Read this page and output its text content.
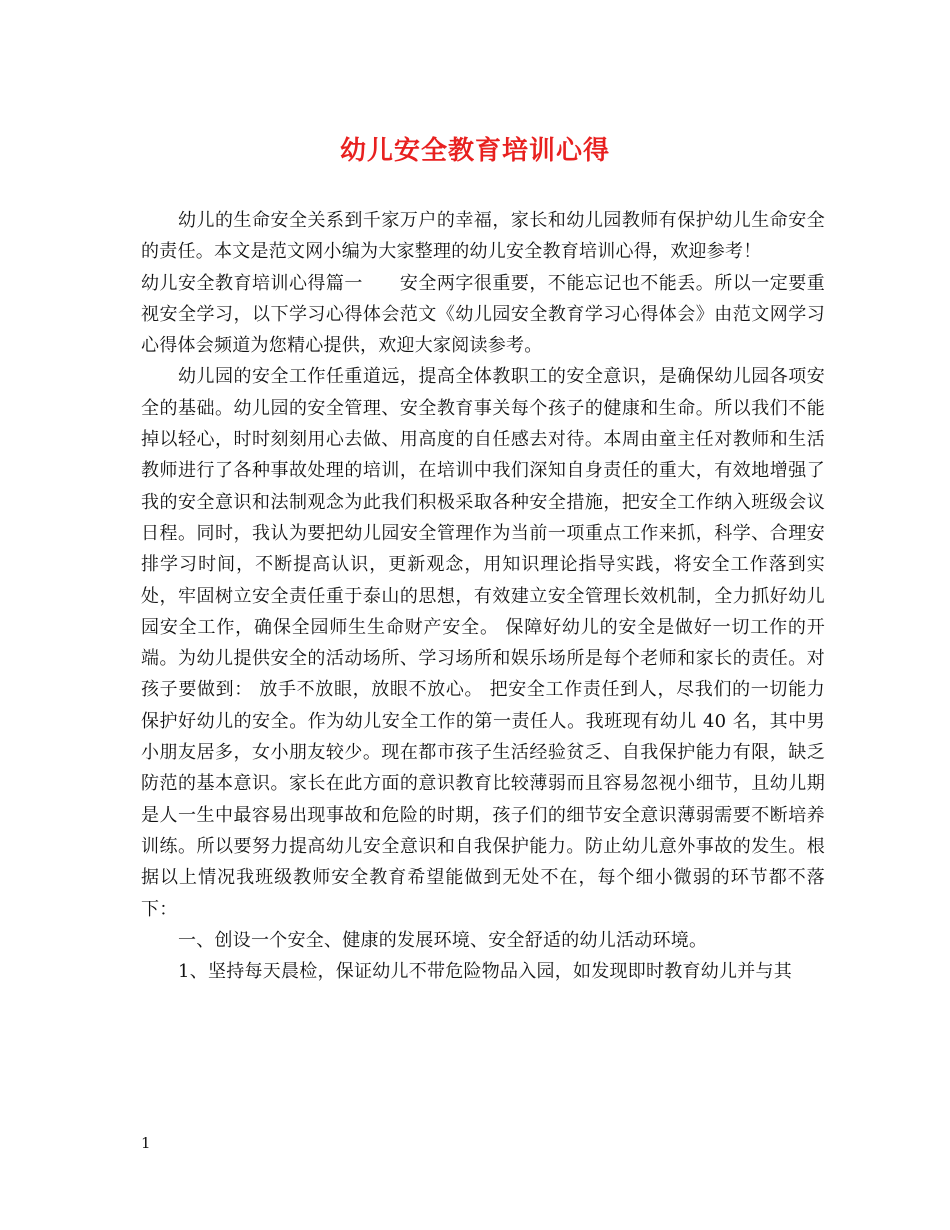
幼儿安全教育培训心得

幼儿的生命安全关系到千家万户的幸福，家长和幼儿园教师有保护幼儿生命安全的责任。本文是范文网小编为大家整理的幼儿安全教育培训心得，欢迎参考！

幼儿安全教育培训心得篇一　　安全两字很重要，不能忘记也不能丢。所以一定要重视安全学习，以下学习心得体会范文《幼儿园安全教育学习心得体会》由范文网学习心得体会频道为您精心提供，欢迎大家阅读参考。

幼儿园的安全工作任重道远，提高全体教职工的安全意识，是确保幼儿园各项安全的基础。幼儿园的安全管理、安全教育事关每个孩子的健康和生命。所以我们不能掉以轻心，时时刻刻用心去做、用高度的自任感去对待。本周由童主任对教师和生活教师进行了各种事故处理的培训，在培训中我们深知自身责任的重大，有效地增强了我的安全意识和法制观念为此我们积极采取各种安全措施，把安全工作纳入班级会议日程。同时，我认为要把幼儿园安全管理作为当前一项重点工作来抓，科学、合理安排学习时间，不断提高认识，更新观念，用知识理论指导实践，将安全工作落到实处，牢固树立安全责任重于泰山的思想，有效建立安全管理长效机制，全力抓好幼儿园安全工作，确保全园师生生命财产安全。 保障好幼儿的安全是做好一切工作的开端。为幼儿提供安全的活动场所、学习场所和娱乐场所是每个老师和家长的责任。对孩子要做到： 放手不放眼，放眼不放心。 把安全工作责任到人，尽我们的一切能力保护好幼儿的安全。作为幼儿安全工作的第一责任人。我班现有幼儿 40 名，其中男小朋友居多，女小朋友较少。现在都市孩子生活经验贫乏、自我保护能力有限，缺乏防范的基本意识。家长在此方面的意识教育比较薄弱而且容易忽视小细节，且幼儿期是人一生中最容易出现事故和危险的时期，孩子们的细节安全意识薄弱需要不断培养训练。所以要努力提高幼儿安全意识和自我保护能力。防止幼儿意外事故的发生。根据以上情况我班级教师安全教育希望能做到无处不在，每个细小微弱的环节都不落下：

一、创设一个安全、健康的发展环境、安全舒适的幼儿活动环境。

1、坚持每天晨检，保证幼儿不带危险物品入园，如发现即时教育幼儿并与其

1
